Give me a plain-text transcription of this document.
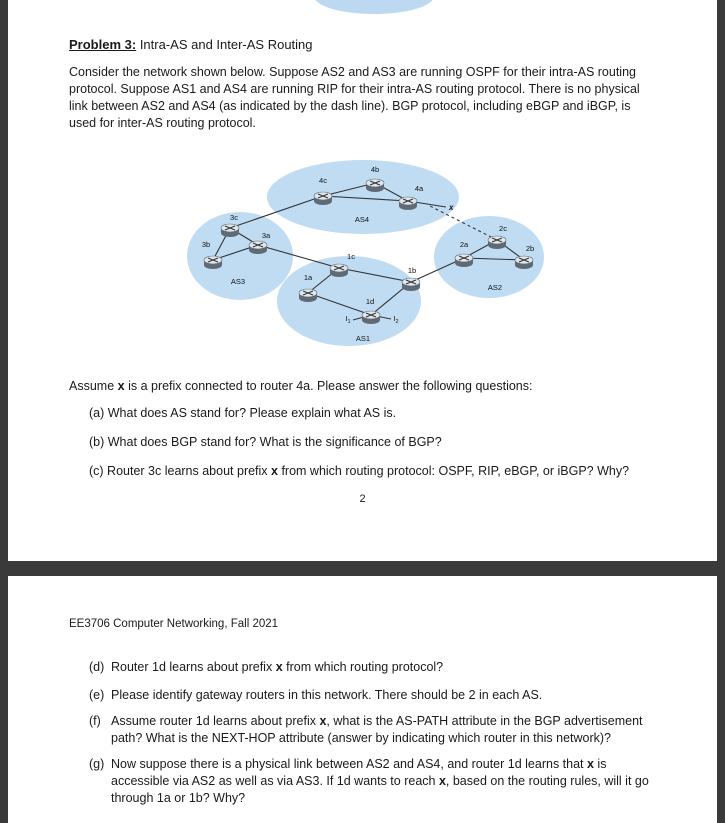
Problem 3: Intra-AS and Inter-AS Routing
Consider the network shown below. Suppose AS2 and AS3 are running OSPF for their intra-AS routing
protocol. Suppose AS1 and AS4 are running RIP for their intra-AS routing protocol. There is no physical
link between AS2 and AS4 (as indicated by the dash line). BGP protocol, including eBGP and iBGP, is
used for inter-AS routing protocol.
AS4
AS3
AS2
AS1
4b
4c
4a
3c
3a
3b
1c
1b
1a
1d
2c
2a	2b
$I_1$	$I_2$
x
Assume x is a prefix connected to router 4a. Please answer the following questions:
(a) What does AS stand for? Please explain what AS is.
(b) What does BGP stand for? What is the significance of BGP?
(c) Router 3c learns about prefix x from which routing protocol: OSPF, RIP, eBGP, or iBGP? Why?
2
EE3706 Computer Networking, Fall 2021
(d) Router 1d learns about prefix x from which routing protocol?
(e) Please identify gateway routers in this network. There should be 2 in each AS.
(f) Assume router 1d learns about prefix x, what is the AS-PATH attribute in the BGP advertisement
path? What is the NEXT-HOP attribute (answer by indicating which router in this network)?
(g) Now suppose there is a physical link between AS2 and AS4, and router 1d learns that x is
accessible via AS2 as well as via AS3. If 1d wants to reach x, based on the routing rules, will it go
through 1a or 1b? Why?
